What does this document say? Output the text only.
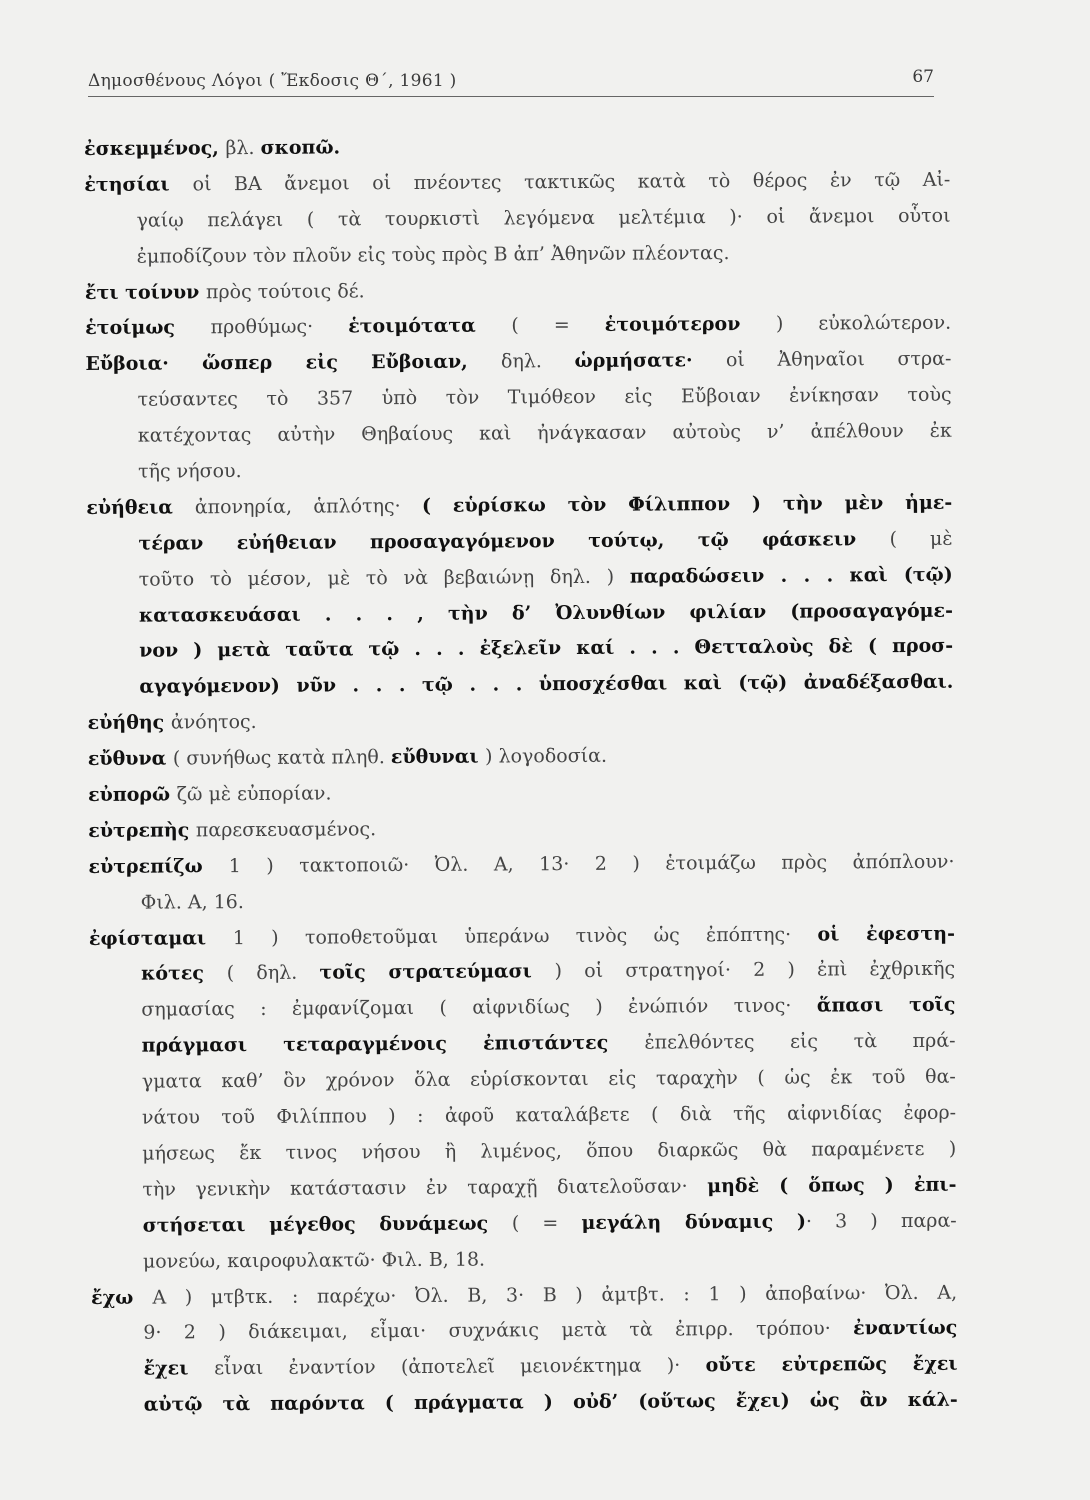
Δημοσθένους Λόγοι ( Ἔκδοσις Θ΄, 1961 )	67
ἐσκεμμένος, βλ. σκοπῶ.
ἐτησίαι οἱ ΒΑ ἄνεμοι οἱ πνέοντες τακτικῶς κατὰ τὸ θέρος ἐν τῷ Αἰ-
γαίῳ πελάγει ( τὰ τουρκιστὶ λεγόμενα μελτέμια )· οἱ ἄνεμοι οὗτοι
ἐμποδίζουν τὸν πλοῦν εἰς τοὺς πρὸς Β ἀπ’ Ἀθηνῶν πλέοντας.
ἔτι τοίνυν πρὸς τούτοις δέ.
ἑτοίμως προθύμως· ἑτοιμότατα ( = ἑτοιμότερον ) εὐκολώτερον.
Εὔβοια· ὥσπερ εἰς Εὔβοιαν, δηλ. ὡρμήσατε· οἱ Ἀθηναῖοι στρα-
τεύσαντες τὸ 357 ὑπὸ τὸν Τιμόθεον εἰς Εὔβοιαν ἐνίκησαν τοὺς
κατέχοντας αὐτὴν Θηβαίους καὶ ἠνάγκασαν αὐτοὺς ν’ ἀπέλθουν ἐκ
τῆς νήσου.
εὐήθεια ἀπονηρία, ἁπλότης· ( εὑρίσκω τὸν Φίλιππον ) τὴν μὲν ἡμε-
τέραν εὐήθειαν προσαγαγόμενον τούτῳ, τῷ φάσκειν ( μὲ
τοῦτο τὸ μέσον, μὲ τὸ νὰ βεβαιώνῃ δηλ. ) παραδώσειν . . . καὶ (τῷ)
κατασκευάσαι . . . , τὴν δ’ Ὀλυνθίων φιλίαν (προσαγαγόμε-
νον ) μετὰ ταῦτα τῷ . . . ἐξελεῖν καί . . . Θετταλοὺς δὲ ( προσ-
αγαγόμενον) νῦν . . . τῷ . . . ὑποσχέσθαι καὶ (τῷ) ἀναδέξασθαι.
εὐήθης ἀνόητος.
εὔθυνα ( συνήθως κατὰ πληθ. εὔθυναι ) λογοδοσία.
εὐπορῶ ζῶ μὲ εὐπορίαν.
εὐτρεπὴς παρεσκευασμένος.
εὐτρεπίζω 1 ) τακτοποιῶ· Ὀλ. Α, 13· 2 ) ἑτοιμάζω πρὸς ἀπόπλουν·
Φιλ. Α, 16.
ἐφίσταμαι 1 ) τοποθετοῦμαι ὑπεράνω τινὸς ὡς ἐπόπτης· οἱ ἐφεστη-
κότες ( δηλ. τοῖς στρατεύμασι ) οἱ στρατηγοί· 2 ) ἐπὶ ἐχθρικῆς
σημασίας : ἐμφανίζομαι ( αἰφνιδίως ) ἐνώπιόν τινος· ἅπασι τοῖς
πράγμασι τεταραγμένοις ἐπιστάντες ἐπελθόντες εἰς τὰ πρά-
γματα καθ’ ὃν χρόνον ὅλα εὑρίσκονται εἰς ταραχὴν ( ὡς ἐκ τοῦ θα-
νάτου τοῦ Φιλίππου ) : ἀφοῦ καταλάβετε ( διὰ τῆς αἰφνιδίας ἐφορ-
μήσεως ἔκ τινος νήσου ἢ λιμένος, ὅπου διαρκῶς θὰ παραμένετε )
τὴν γενικὴν κατάστασιν ἐν ταραχῇ διατελοῦσαν· μηδὲ ( ὅπως ) ἐπι-
στήσεται μέγεθος δυνάμεως ( = μεγάλη δύναμις )· 3 ) παρα-
μονεύω, καιροφυλακτῶ· Φιλ. Β, 18.
ἔχω Α ) μτβτκ. : παρέχω· Ὀλ. Β, 3· Β ) ἀμτβτ. : 1 ) ἀποβαίνω· Ὀλ. Α,
9· 2 ) διάκειμαι, εἶμαι· συχνάκις μετὰ τὰ ἐπιρρ. τρόπου· ἐναντίως
ἔχει εἶναι ἐναντίον (ἀποτελεῖ μειονέκτημα )· οὔτε εὐτρεπῶς ἔχει
αὐτῷ τὰ παρόντα ( πράγματα ) οὐδ’ (οὕτως ἔχει) ὡς ἂν κάλ-
